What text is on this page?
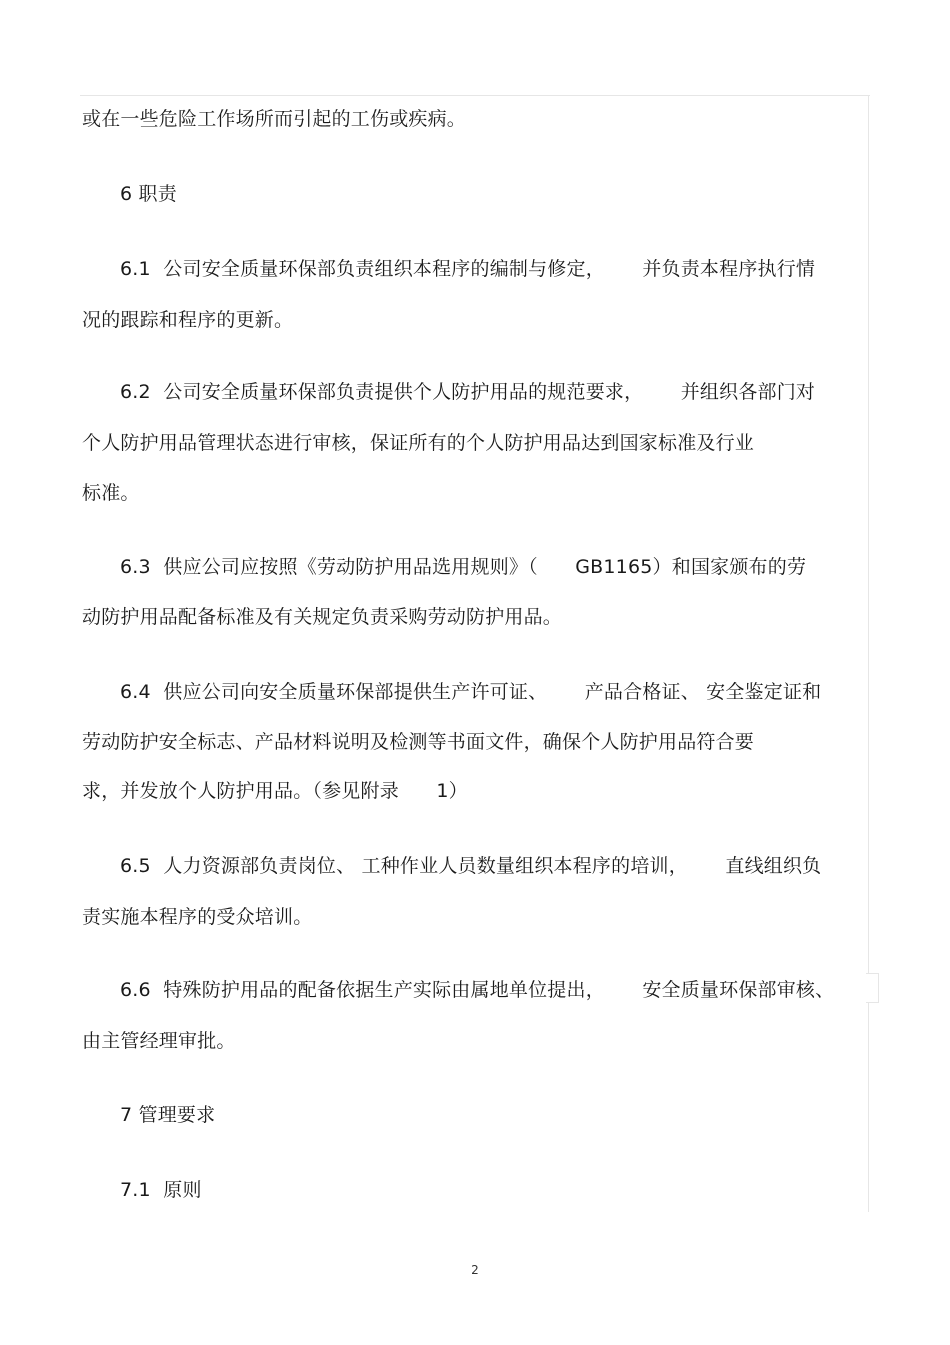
或在一些危险工作场所而引起的工伤或疾病。
6 职责
6.1  公司安全质量环保部负责组织本程序的编制与修定，      并负责本程序执行情
况的跟踪和程序的更新。
6.2  公司安全质量环保部负责提供个人防护用品的规范要求，      并组织各部门对
个人防护用品管理状态进行审核，保证所有的个人防护用品达到国家标准及行业
标准。
6.3  供应公司应按照《劳动防护用品选用规则》（      GB1165）和国家颁布的劳
动防护用品配备标准及有关规定负责采购劳动防护用品。
6.4  供应公司向安全质量环保部提供生产许可证、      产品合格证、 安全鉴定证和
劳动防护安全标志、产品材料说明及检测等书面文件，确保个人防护用品符合要
求，并发放个人防护用品。（参见附录      1）
6.5  人力资源部负责岗位、 工种作业人员数量组织本程序的培训，      直线组织负
责实施本程序的受众培训。
6.6  特殊防护用品的配备依据生产实际由属地单位提出，      安全质量环保部审核、
由主管经理审批。
7 管理要求
7.1  原则
2
